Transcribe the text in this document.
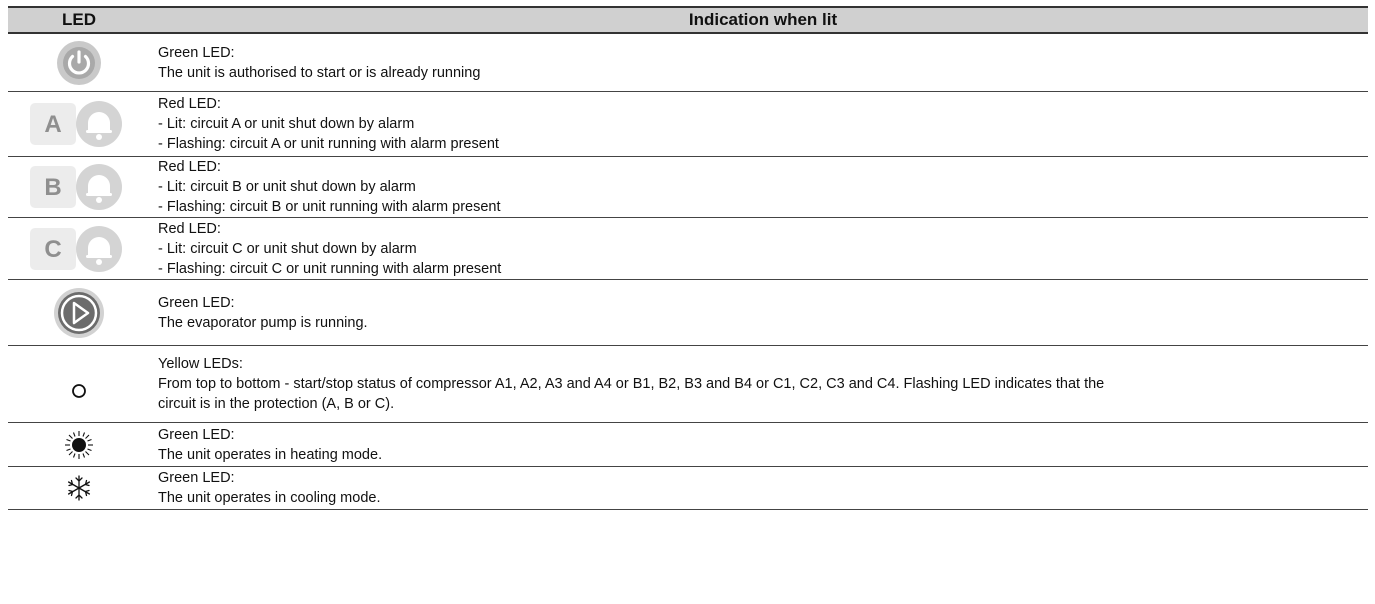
LED	Indication when lit
Green LED:
The unit is authorised to start or is already running
A
Red LED:
- Lit: circuit A or unit shut down by alarm
- Flashing: circuit A or unit running with alarm present
B
Red LED:
- Lit: circuit B or unit shut down by alarm
- Flashing: circuit B or unit running with alarm present
C
Red LED:
- Lit: circuit C or unit shut down by alarm
- Flashing: circuit C or unit running with alarm present
Green LED:
The evaporator pump is running.
Yellow LEDs:
From top to bottom - start/stop status of compressor A1, A2, A3 and A4 or B1, B2, B3 and B4 or C1, C2, C3 and C4. Flashing LED indicates that the
circuit is in the protection (A, B or C).
Green LED:
The unit operates in heating mode.
Green LED:
The unit operates in cooling mode.
